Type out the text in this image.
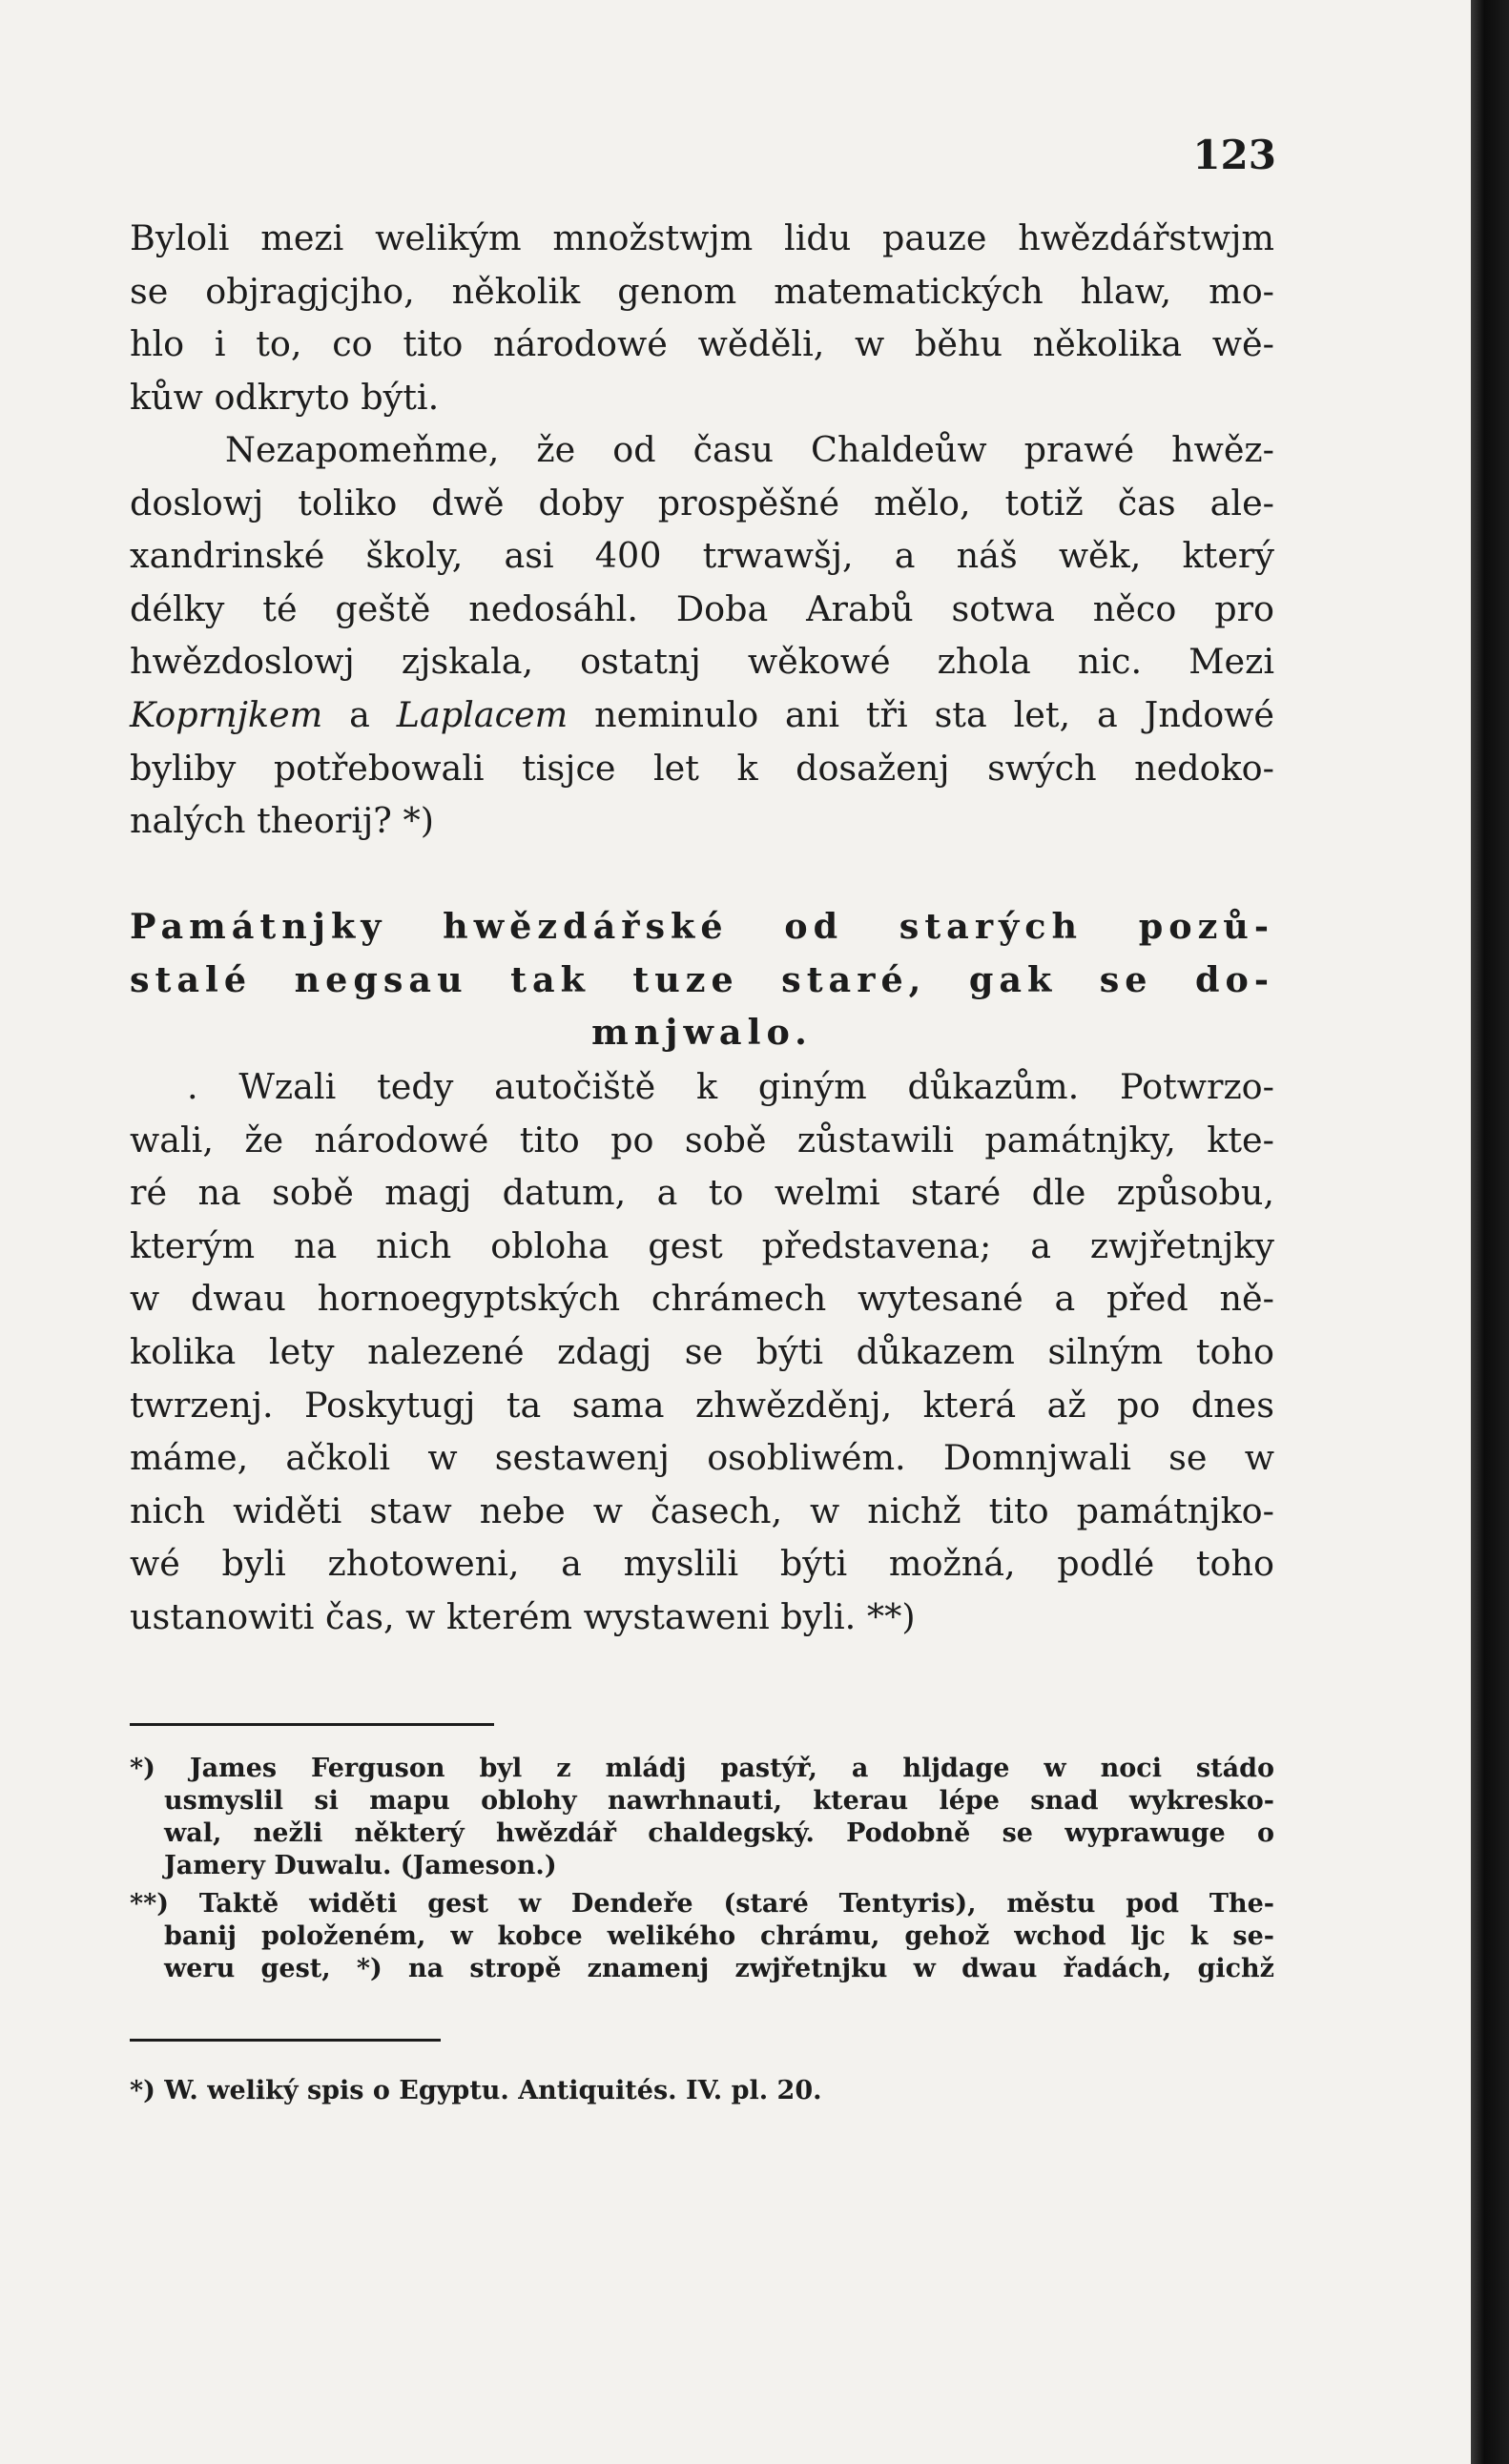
123
Byloli mezi welikým množstwjm lidu pauze hwězdářstwjm
se objragjcjho, několik genom matematických hlaw, mo-
hlo i to, co tito národowé wěděli, w běhu několika wě-
kůw odkryto býti.
Nezapomeňme, že od času Chaldeůw prawé hwěz-
doslowj toliko dwě doby prospěšné mělo, totiž čas ale-
xandrinské školy, asi 400 trwawšj, a náš wěk, který
délky té geště nedosáhl. Doba Arabů sotwa něco pro
hwězdoslowj zjskala, ostatnj wěkowé zhola nic. Mezi
Koprnjkem a Laplacem neminulo ani tři sta let, a Jndowé
byliby potřebowali tisjce let k dosaženj swých nedoko-
nalých theorij? *)
Památnjky hwězdářské od starých pozů-
stalé negsau tak tuze staré, gak se do-
mnjwalo.
. Wzali tedy autočiště k giným důkazům. Potwrzo-
wali, že národowé tito po sobě zůstawili památnjky, kte-
ré na sobě magj datum, a to welmi staré dle způsobu,
kterým na nich obloha gest představena; a zwjřetnjky
w dwau hornoegyptských chrámech wytesané a před ně-
kolika lety nalezené zdagj se býti důkazem silným toho
twrzenj. Poskytugj ta sama zhwězděnj, která až po dnes
máme, ačkoli w sestawenj osobliwém. Domnjwali se w
nich widěti staw nebe w časech, w nichž tito památnjko-
wé byli zhotoweni, a myslili býti možná, podlé toho
ustanowiti čas, w kterém wystaweni byli. **)
*) James Ferguson byl z mládj pastýř, a hljdage w noci stádo
usmyslil si mapu oblohy nawrhnauti, kterau lépe snad wykresko-
wal, nežli některý hwězdář chaldegský. Podobně se wyprawuge o
Jamery Duwalu. (Jameson.)
**) Taktě widěti gest w Dendeře (staré Tentyris), městu pod The-
banij položeném, w kobce welikého chrámu, gehož wchod ljc k se-
weru gest, *) na stropě znamenj zwjřetnjku w dwau řadách, gichž
*) W. weliký spis o Egyptu. Antiquités. IV. pl. 20.
